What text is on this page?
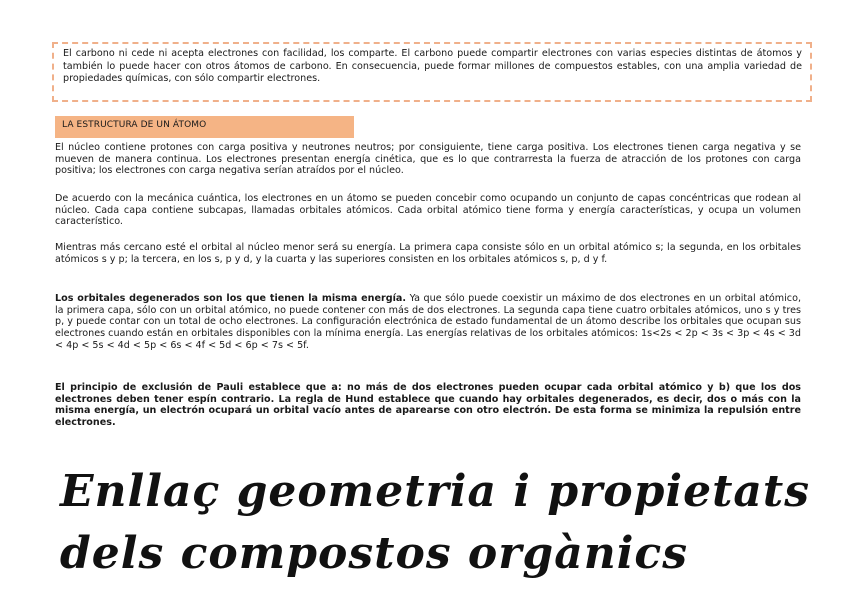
El carbono ni cede ni acepta electrones con facilidad, los comparte. El carbono puede compartir electrones con varias especies distintas de átomos y también lo puede hacer con otros átomos de carbono. En consecuencia, puede formar millones de compuestos estables, con una amplia variedad de propiedades químicas, con sólo compartir electrones.
LA ESTRUCTURA DE UN ÁTOMO

El núcleo contiene protones con carga positiva y neutrones neutros; por consiguiente, tiene carga positiva. Los electrones tienen carga negativa y se mueven de manera continua. Los electrones presentan energía cinética, que es lo que contrarresta la fuerza de atracción de los protones con carga positiva; los electrones con carga negativa serían atraídos por el núcleo.

De acuerdo con la mecánica cuántica, los electrones en un átomo se pueden concebir como ocupando un conjunto de capas concéntricas que rodean al núcleo. Cada capa contiene subcapas, llamadas orbitales atómicos. Cada orbital atómico tiene forma y energía características, y ocupa un volumen característico.

Mientras más cercano esté el orbital al núcleo menor será su energía. La primera capa consiste sólo en un orbital atómico s; la segunda, en los orbitales atómicos s y p; la tercera, en los s, p y d, y la cuarta y las superiores consisten en los orbitales atómicos s, p, d y f.

Los orbitales degenerados son los que tienen la misma energía. Ya que sólo puede coexistir un máximo de dos electrones en un orbital atómico, la primera capa, sólo con un orbital atómico, no puede contener con más de dos electrones. La segunda capa tiene cuatro orbitales atómicos, uno s y tres p, y puede contar con un total de ocho electrones. La configuración electrónica de estado fundamental de un átomo describe los orbitales que ocupan sus electrones cuando están en orbitales disponibles con la mínima energía. Las energías relativas de los orbitales atómicos: 1s<2s < 2p < 3s < 3p < 4s < 3d < 4p < 5s < 4d < 5p < 6s < 4f < 5d < 6p < 7s < 5f.

El principio de exclusión de Pauli establece que a: no más de dos electrones pueden ocupar cada orbital atómico y b) que los dos electrones deben tener espín contrario. La regla de Hund establece que cuando hay orbitales degenerados, es decir, dos o más con la misma energía, un electrón ocupará un orbital vacío antes de aparearse con otro electrón. De esta forma se minimiza la repulsión entre electrones.

Enllaç geometria i propietats
dels compostos orgànics
